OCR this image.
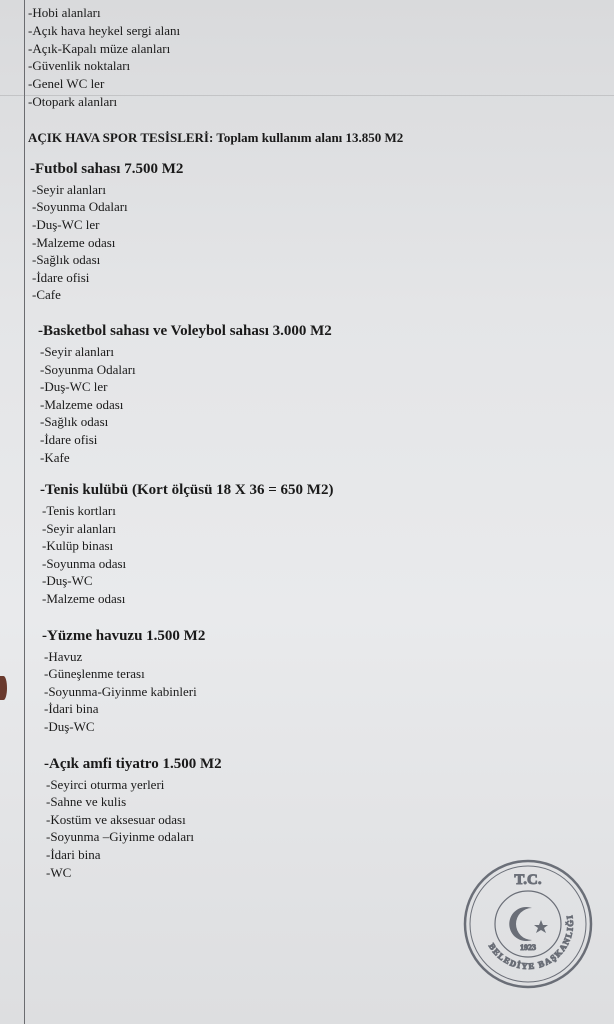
-Hobi alanları
-Açık hava heykel sergi alanı
-Açık-Kapalı müze alanları
-Güvenlik noktaları
-Genel WC ler
-Otopark alanları
AÇIK HAVA SPOR TESİSLERİ: Toplam kullanım alanı 13.850 M2
-Futbol sahası 7.500 M2
-Seyir alanları
-Soyunma Odaları
-Duş-WC ler
-Malzeme odası
-Sağlık odası
-İdare ofisi
-Cafe
-Basketbol sahası ve Voleybol sahası 3.000 M2
-Seyir alanları
-Soyunma Odaları
-Duş-WC ler
-Malzeme odası
-Sağlık odası
-İdare ofisi
-Kafe
-Tenis kulübü (Kort ölçüsü 18 X 36 = 650 M2)
-Tenis kortları
-Seyir alanları
-Kulüp binası
-Soyunma odası
-Duş-WC
-Malzeme odası
-Yüzme havuzu 1.500 M2
-Havuz
-Güneşlenme terası
-Soyunma-Giyinme kabinleri
-İdari bina
-Duş-WC
-Açık amfi tiyatro 1.500 M2
-Seyirci oturma yerleri
-Sahne ve kulis
-Kostüm ve aksesuar odası
-Soyunma –Giyinme odaları
-İdari bina
-WC	T.C.
BELEDİYE BAŞKANLIĞI
1923
